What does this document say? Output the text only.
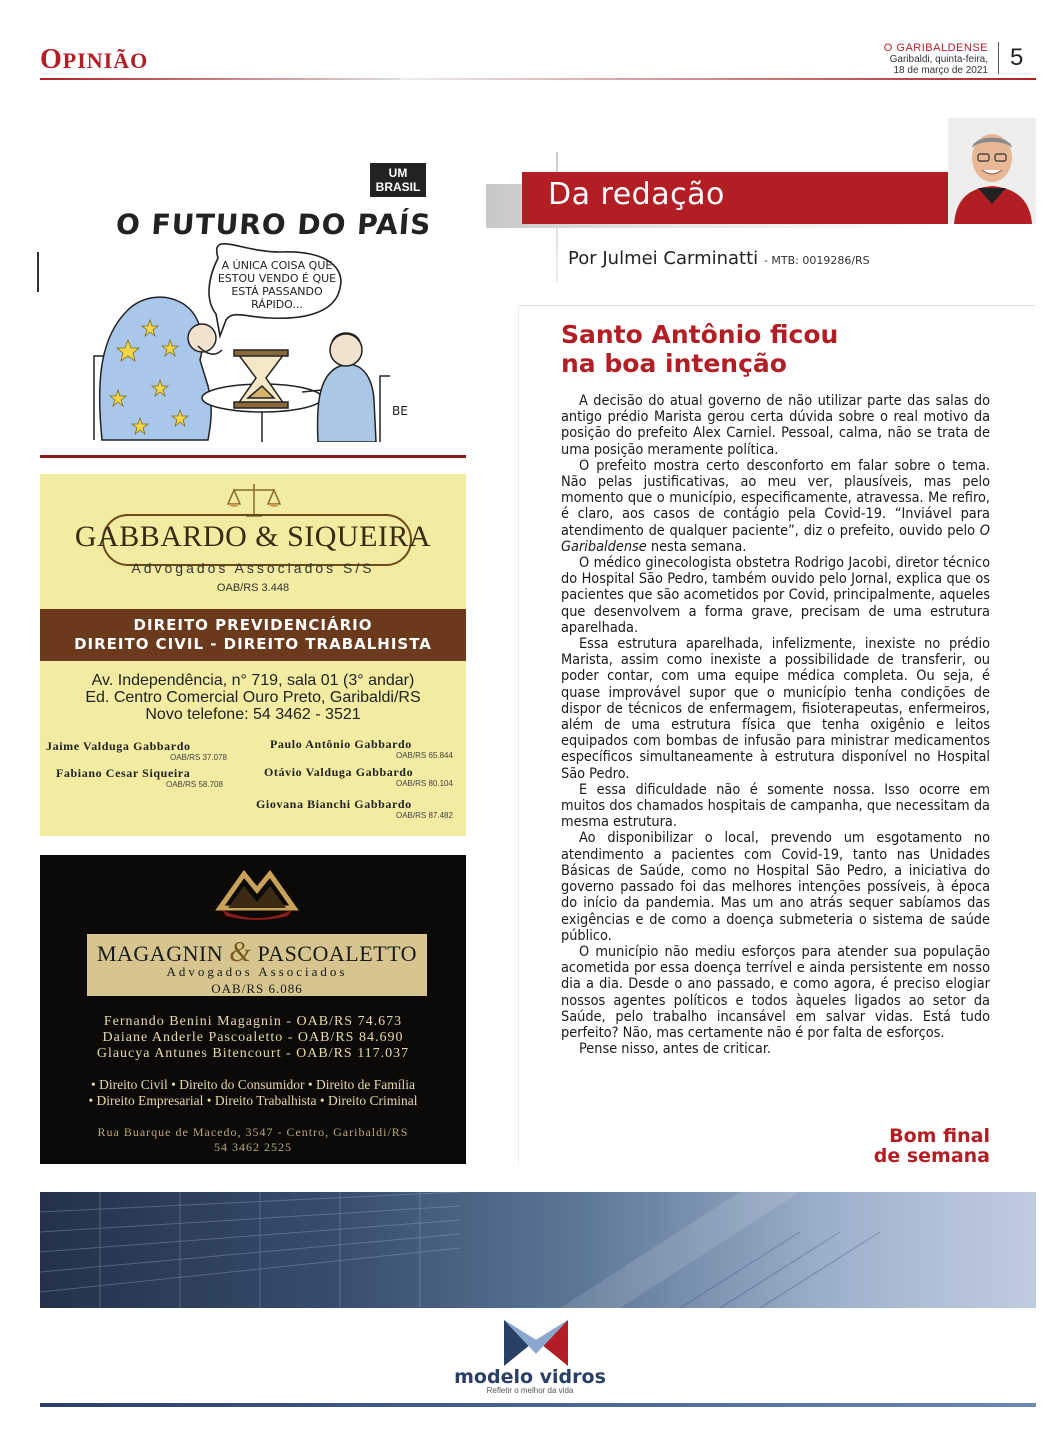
OPINIÃO	O GARIBALDENSE
Garibaldi, quinta-feira,
18 de março de 2021 5
BE
UM
BRASIL
O FUTURO DO PAÍS
A ÚNICA COISA QUE
ESTOU VENDO É QUE
ESTÁ PASSANDO
RÁPIDO...
GABBARDO & SIQUEIRA
Advogados Associados S/S
OAB/RS 3.448
DIREITO PREVIDENCIÁRIO
DIREITO CIVIL - DIREITO TRABALHISTA
Av. Independência, n° 719, sala 01 (3° andar)
Ed. Centro Comercial Ouro Preto, Garibaldi/RS
Novo telefone: 54 3462 - 3521
Jaime Valduga Gabbardo
OAB/RS 37.078
Paulo Antônio Gabbardo
OAB/RS 65.844
Fabiano Cesar Siqueira
OAB/RS 58.708
Otávio Valduga Gabbardo
OAB/RS 80.104
Giovana Bianchi Gabbardo
OAB/RS 87.482
MAGAGNIN & PASCOALETTO
Advogados Associados
OAB/RS 6.086
Fernando Benini Magagnin - OAB/RS 74.673
Daiane Anderle Pascoaletto - OAB/RS 84.690
Glaucya Antunes Bitencourt - OAB/RS 117.037
• Direito Civil • Direito do Consumidor • Direito de Família
• Direito Empresarial • Direito Trabalhista • Direito Criminal
Rua Buarque de Macedo, 3547 - Centro, Garibaldi/RS
54 3462 2525
Da redação
Por Julmei Carminatti - MTB: 0019286/RS
Santo Antônio ficou
na boa intenção

A decisão do atual governo de não utilizar parte das salas do antigo prédio Marista gerou certa dúvida sobre o real motivo da posição do prefeito Alex Carniel. Pessoal, calma, não se trata de uma posição meramente política.

O prefeito mostra certo desconforto em falar sobre o tema. Não pelas justificativas, ao meu ver, plausíveis, mas pelo momento que o município, especificamente, atravessa. Me refiro, é claro, aos casos de contágio pela Covid-19. “Inviável para atendimento de qualquer paciente”, diz o prefeito, ouvido pelo O Garibaldense nesta semana.

O médico ginecologista obstetra Rodrigo Jacobi, diretor técnico do Hospital São Pedro, também ouvido pelo Jornal, explica que os pacientes que são acometidos por Covid, principalmente, aqueles que desenvolvem a forma grave, precisam de uma estrutura aparelhada.

Essa estrutura aparelhada, infelizmente, inexiste no prédio Marista, assim como inexiste a possibilidade de transferir, ou poder contar, com uma equipe médica completa. Ou seja, é quase improvável supor que o município tenha condições de dispor de técnicos de enfermagem, fisioterapeutas, enfermeiros, além de uma estrutura física que tenha oxigênio e leitos equipados com bombas de infusão para ministrar medicamentos específicos simultaneamente à estrutura disponível no Hospital São Pedro.

E essa dificuldade não é somente nossa. Isso ocorre em muitos dos chamados hospitais de campanha, que necessitam da mesma estrutura.

Ao disponibilizar o local, prevendo um esgotamento no atendimento a pacientes com Covid-19, tanto nas Unidades Básicas de Saúde, como no Hospital São Pedro, a iniciativa do governo passado foi das melhores intenções possíveis, à época do início da pandemia. Mas um ano atrás sequer sabíamos das exigências e de como a doença submeteria o sistema de saúde público.

O município não mediu esforços para atender sua população acometida por essa doença terrível e ainda persistente em nosso dia a dia. Desde o ano passado, e como agora, é preciso elogiar nossos agentes políticos e todos àqueles ligados ao setor da Saúde, pelo trabalho incansável em salvar vidas. Está tudo perfeito? Não, mas certamente não é por falta de esforços.

Pense nisso, antes de criticar.

Bom final
de semana
modelo vidros
Refletir o melhor da vida
